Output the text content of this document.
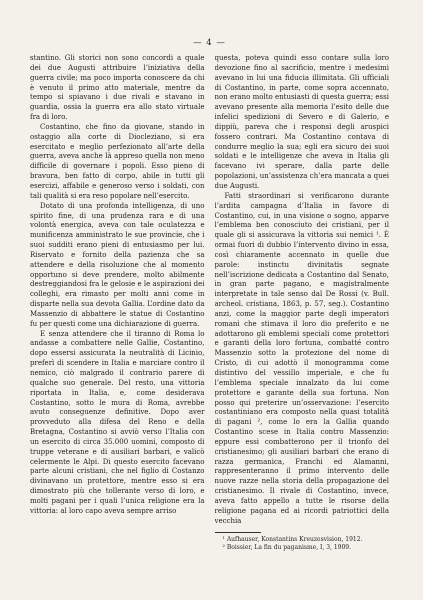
— 4 —

stantino. Gli storici non sono concordi a quale dei due Augusti attribuire l’iniziativa della guerra civile; ma poco importa conoscere da chi è venuto il primo atto materiale, mentre da tempo si spiavano i due rivali e stavano in guardia, ossia la guerra era allo stato virtuale fra di loro.

Costantino, che fino da giovane, stando in ostaggio alla corte di Diocleziano, si era esercitato e meglio perfezionato all’arte della guerra, aveva anche là appreso quella non meno difficile di governare i popoli. Esso pieno di bravura, ben fatto di corpo, abile in tutti gli esercizi, affabile e generoso verso i soldati, con tali qualità si era reso popolare nell’esercito.

Dotato di una profonda intelligenza, di uno spirito fine, di una prudenza rara e di una volontà energica, aveva con tale oculatezza e munificenza amministrato le sue provincie, che i suoi sudditi erano pieni di entusiasmo per lui. Riservato e fornito della pazienza che sa attendere e della risoluzione che al momento opportuno si deve prendere, molto abilmente destreggiandosi fra le gelosie e le aspirazioni dei colleghi, era rimasto per molti anni come in disparte nella sua devota Gallia. L’ordine dato da Massenzio di abbattere le statue di Costantino fu per questi come una dichiarazione di guerra.

E senza attendere che il tiranno di Roma lo andasse a combattere nelle Gallie, Costantino, dopo essersi assicurata la neutralità di Licinio, preferì di scendere in Italia e marciare contro il nemico, ciò malgrado il contrario parere di qualche suo generale. Del resto, una vittoria riportata in Italia, e, come desiderava Costantino, sotto le mura di Roma, avrebbe avuto conseguenze definitive. Dopo aver provveduto alla difesa del Reno e della Bretagna, Costantino si avviò verso l’Italia con un esercito di circa 35.000 uomini, composto di truppe veterane e di ausiliari barbari, e valicò celermente le Alpi. Di questo esercito facevano parte alcuni cristiani, che nel figlio di Costanzo divinavano un protettore, mentre esso si era dimostrato più che tollerante verso di loro, e molti pagani per i quali l’unica religione era la vittoria: al loro capo aveva sempre arriso

questa, poteva quindi esso contare sulla loro devozione fino al sacrificio, mentre i medesimi avevano in lui una fiducia illimitata. Gli ufficiali di Costantino, in parte, come sopra accennato, non erano molto entusiasti di questa guerra; essi avevano presente alla memoria l’esito delle due infelici spedizioni di Severo e di Galerio, e dippiù, pareva che i responsi degli aruspici fossero contrari. Ma Costantino contava di condurre meglio la sua; egli era sicuro dei suoi soldati e le intelligenze che aveva in Italia gli facevano ivi sperare, dalla parte delle popolazioni, un’assistenza ch’era mancata a quei due Augusti.

Fatti straordinari si verificarono durante l’ardita campagna d’Italia in favore di Costantino, cui, in una visione o sogno, apparve l’emblema ben conosciuto dei cristiani, per il quale gli si assicurava la vittoria sui nemici ¹. È ormai fuori di dubbio l’intervento divino in essa, così chiaramente accennato in quelle due parole: instinctu divinitatis segnate nell’iscrizione dedicata a Costantino dal Senato, in gran parte pagano, e magistralmente interpretate in tale senso dal De Rossi (v. Bull. archeol. cristiana, 1863, p. 57, seg.). Costantino anzi, come la maggior parte degli imperatori romani che stimava il loro dio preferito e ne adottarono gli emblemi speciali come protettori e garanti della loro fortuna, combatté contro Massenzio sotto la protezione del nome di Cristo, di cui adottò il monogramma come distintivo del vessillo imperiale, e che fu l’emblema speciale innalzato da lui come protettore e garante della sua fortuna. Non posso qui preterire un’osservazione: l’esercito costantiniano era composto nella quasi totalità di pagani ², come lo era la Gallia quando Costantino scese in Italia contro Massenzio: eppure essi combatterono per il trionfo del cristianesimo; gli ausiliari barbari che erano di razza germanica, Franchi ed Alamanni, rappresenteranno il primo intervento delle nuove razze nella storia della propagazione del cristianesimo. Il rivale di Costantino, invece, aveva fatto appello a tutte le risorse della religione pagana ed ai ricordi patriottici della vecchia

¹ Aufhauser, Konstantins Kreuzesvision, 1912.
² Boissier, La fin du paganisme, I, 3, 1909.
